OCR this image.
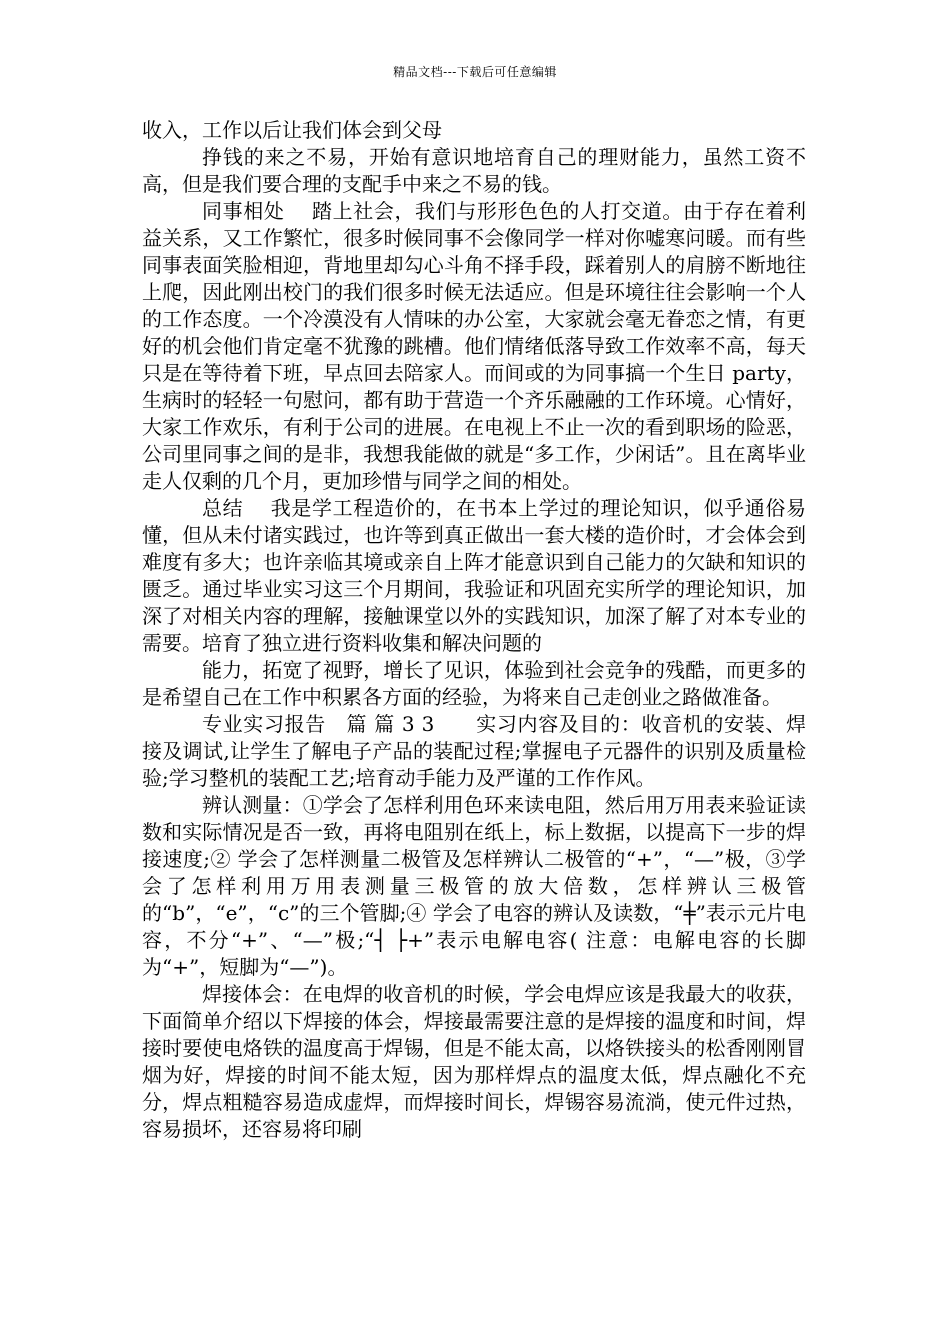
精品文档---下载后可任意编辑

收入，工作以后让我们体会到父母

挣钱的来之不易，开始有意识地培育自己的理财能力，虽然工资不高，但是我们要合理的支配手中来之不易的钱。

同事相处　 踏上社会，我们与形形色色的人打交道。由于存在着利益关系，又工作繁忙，很多时候同事不会像同学一样对你嘘寒问暖。而有些同事表面笑脸相迎，背地里却勾心斗角不择手段，踩着别人的肩膀不断地往上爬，因此刚出校门的我们很多时候无法适应。但是环境往往会影响一个人的工作态度。一个冷漠没有人情味的办公室，大家就会毫无眷恋之情，有更好的机会他们肯定毫不犹豫的跳槽。他们情绪低落导致工作效率不高，每天只是在等待着下班，早点回去陪家人。而间或的为同事搞一个生日 party，生病时的轻轻一句慰问，都有助于营造一个齐乐融融的工作环境。心情好，大家工作欢乐，有利于公司的进展。在电视上不止一次的看到职场的险恶，公司里同事之间的是非，我想我能做的就是“多工作，少闲话”。且在离毕业走人仅剩的几个月，更加珍惜与同学之间的相处。

总结　 我是学工程造价的，在书本上学过的理论知识，似乎通俗易懂，但从未付诸实践过，也许等到真正做出一套大楼的造价时，才会体会到难度有多大；也许亲临其境或亲自上阵才能意识到自己能力的欠缺和知识的匮乏。通过毕业实习这三个月期间，我验证和巩固充实所学的理论知识，加深了对相关内容的理解，接触课堂以外的实践知识，加深了解了对本专业的需要。培育了独立进行资料收集和解决问题的

能力，拓宽了视野，增长了见识，体验到社会竞争的残酷，而更多的是希望自己在工作中积累各方面的经验，为将来自己走创业之路做准备。

专业实习报告　篇 篇 3 3　　实习内容及目的：收音机的安装、焊接及调试,让学生了解电子产品的装配过程;掌握电子元器件的识别及质量检验;学习整机的装配工艺;培育动手能力及严谨的工作作风。

辨认测量：①学会了怎样利用色环来读电阻，然后用万用表来验证读数和实际情况是否一致，再将电阻别在纸上，标上数据，以提高下一步的焊接速度;② 学会了怎样测量二极管及怎样辨认二极管的“+”，“—”极，③学会了怎样利用万用表测量三极管的放大倍数，怎样辨认三极管的“b”，“e”，“c”的三个管脚;④ 学会了电容的辨认及读数，“╪”表示元片电容，不分“+”、“—”极;“┤ ├+”表示电解电容( 注意：电解电容的长脚为“+”，短脚为“—”)。

焊接体会：在电焊的收音机的时候，学会电焊应该是我最大的收获，下面简单介绍以下焊接的体会，焊接最需要注意的是焊接的温度和时间，焊接时要使电烙铁的温度高于焊锡，但是不能太高，以烙铁接头的松香刚刚冒烟为好，焊接的时间不能太短，因为那样焊点的温度太低，焊点融化不充分，焊点粗糙容易造成虚焊，而焊接时间长，焊锡容易流淌，使元件过热，容易损坏，还容易将印刷
